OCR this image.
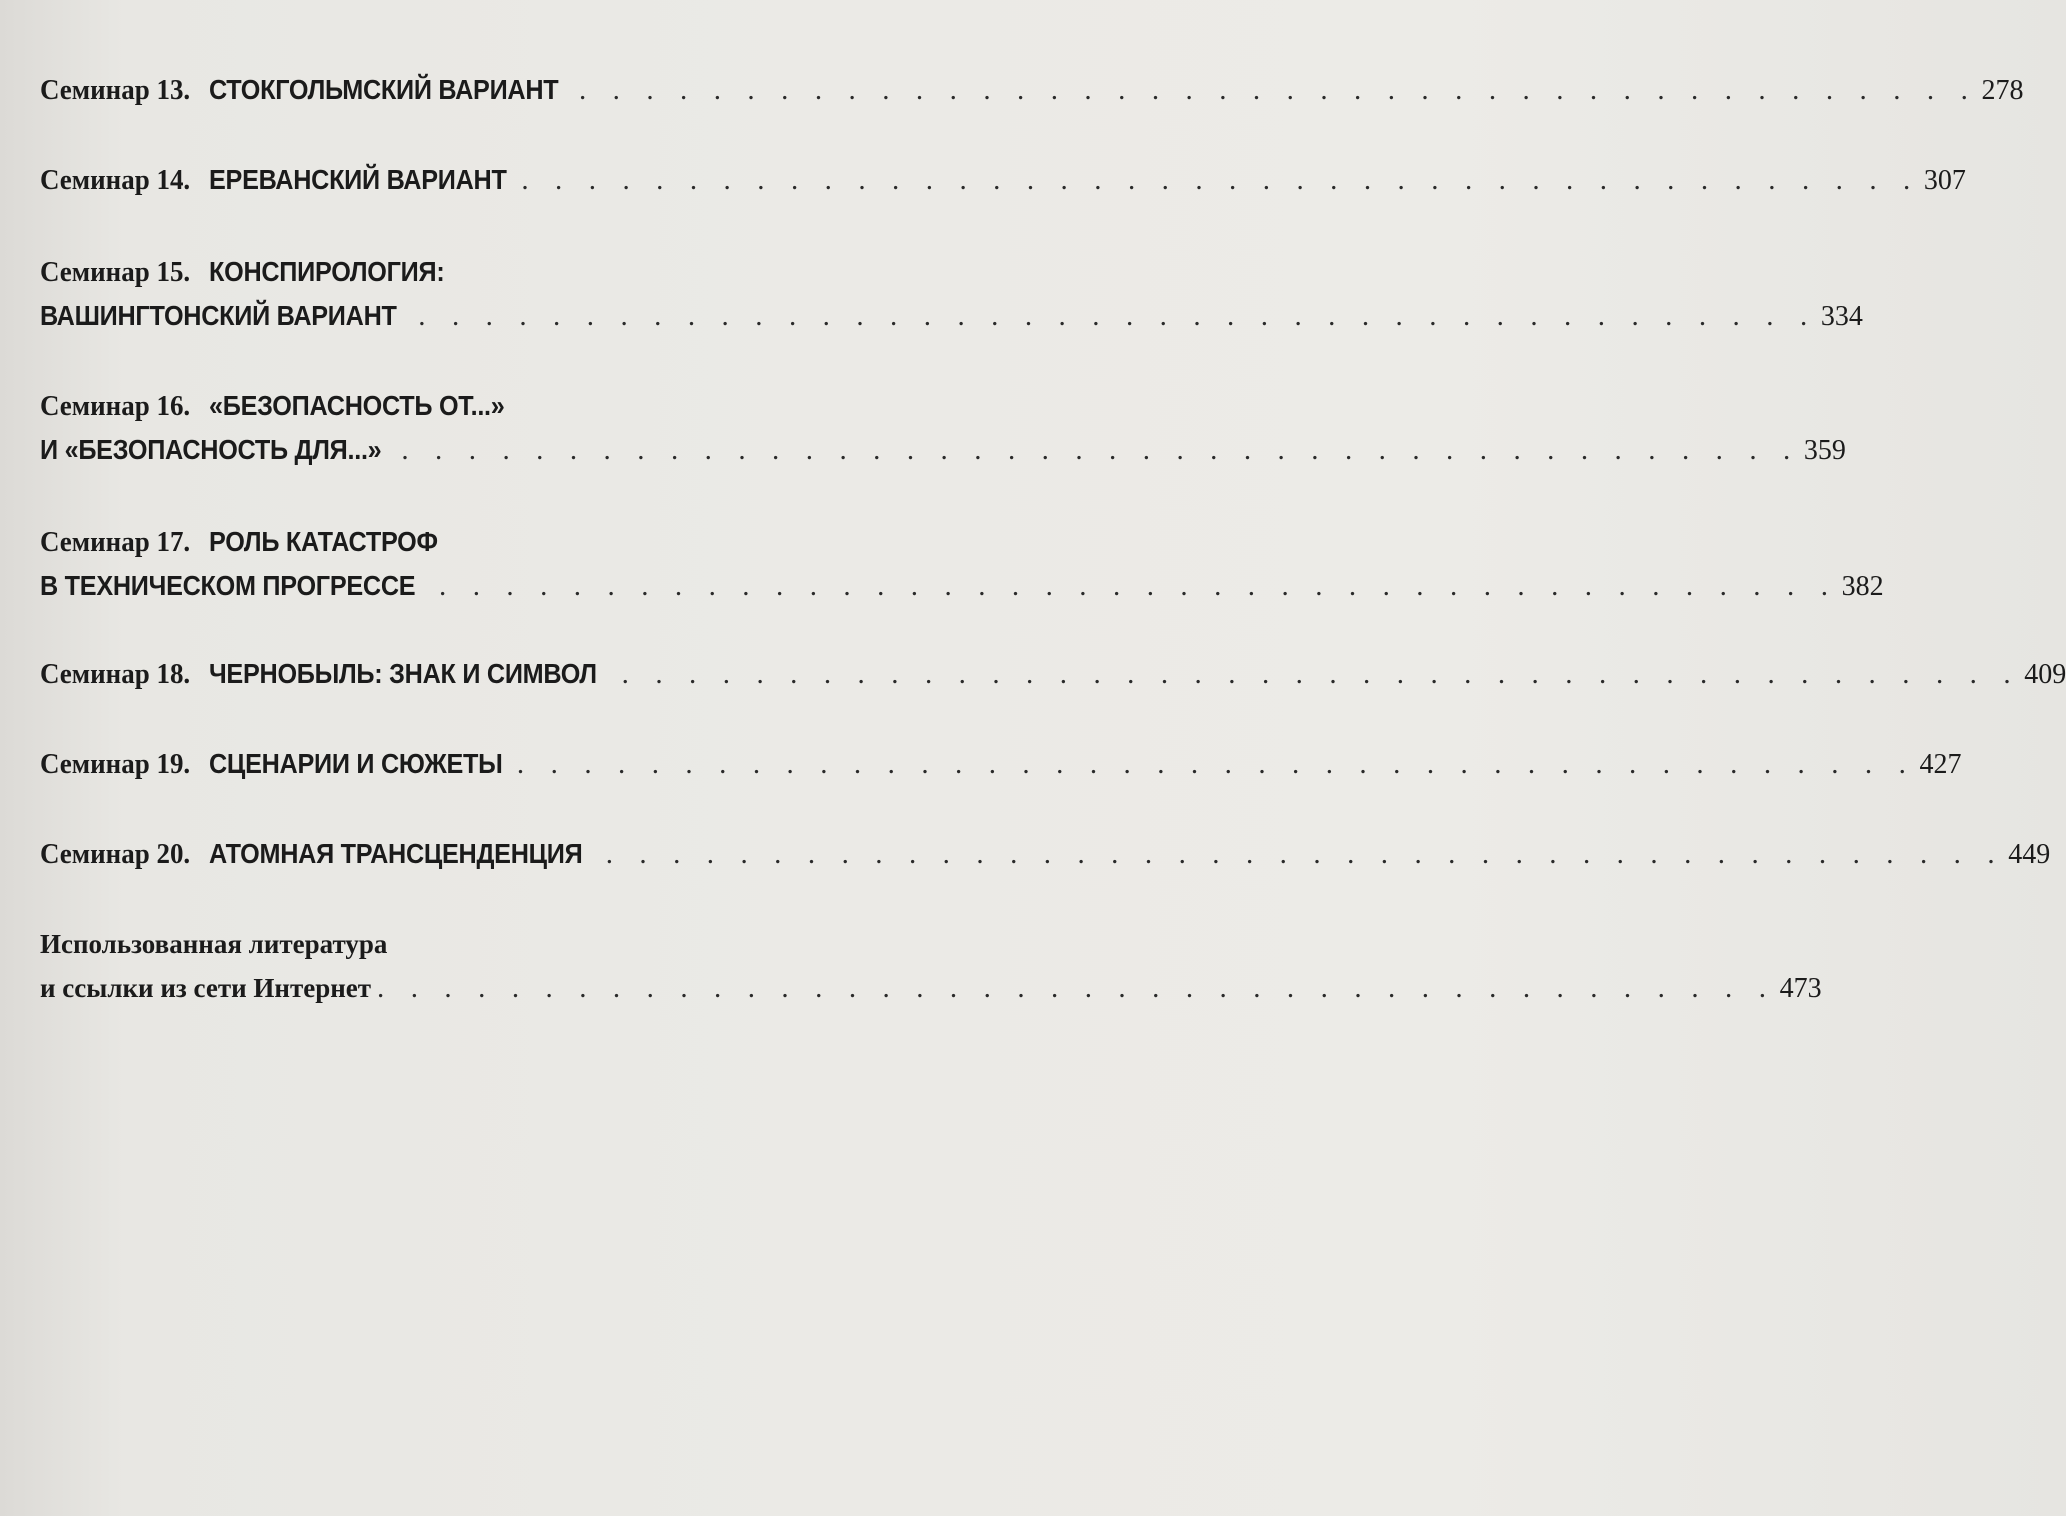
Семинар 13. СТОКГОЛЬМСКИЙ ВАРИАНТ . . . . . . . . . . . . . . . . . . . . . . . . . . . . . . . . . . . . . . . . . . 278
Семинар 14. ЕРЕВАНСКИЙ ВАРИАНТ . . . . . . . . . . . . . . . . . . . . . . . . . . . . . . . . . . . . . . . . . . 307
Семинар 15. КОНСПИРОЛОГИЯ:
ВАШИНГТОНСКИЙ ВАРИАНТ . . . . . . . . . . . . . . . . . . . . . . . . . . . . . . . . . . . . . . . . . . 334
Семинар 16. «БЕЗОПАСНОСТЬ ОТ...»
И «БЕЗОПАСНОСТЬ ДЛЯ...» . . . . . . . . . . . . . . . . . . . . . . . . . . . . . . . . . . . . . . . . . . 359
Семинар 17. РОЛЬ КАТАСТРОФ
В ТЕХНИЧЕСКОМ ПРОГРЕССЕ . . . . . . . . . . . . . . . . . . . . . . . . . . . . . . . . . . . . . . . . . . 382
Семинар 18. ЧЕРНОБЫЛЬ: ЗНАК И СИМВОЛ . . . . . . . . . . . . . . . . . . . . . . . . . . . . . . . . . . . . . . . . . . 409
Семинар 19. СЦЕНАРИИ И СЮЖЕТЫ . . . . . . . . . . . . . . . . . . . . . . . . . . . . . . . . . . . . . . . . . . 427
Семинар 20. АТОМНАЯ ТРАНСЦЕНДЕНЦИЯ . . . . . . . . . . . . . . . . . . . . . . . . . . . . . . . . . . . . . . . . . . 449
Использованная литература
и ссылки из сети Интернет . . . . . . . . . . . . . . . . . . . . . . . . . . . . . . . . . . . . . . . . . . 473
